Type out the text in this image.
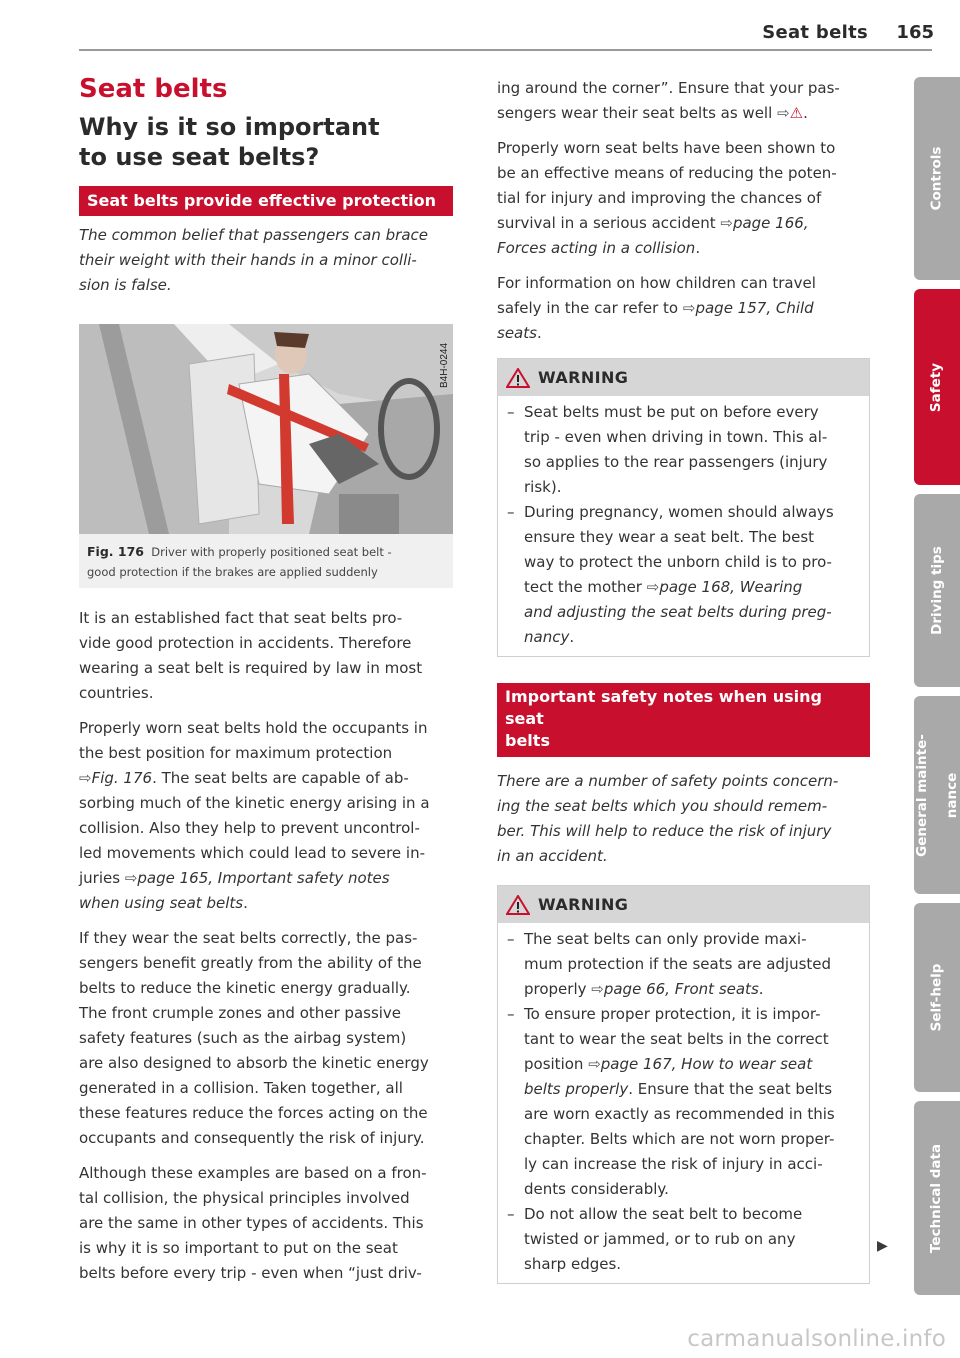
Seat belts 165
Seat belts
Why is it so important
to use seat belts?
Seat belts provide effective protection
The common belief that passengers can brace
their weight with their hands in a minor colli-
sion is false.
B4H-0244
Fig. 176 Driver with properly positioned seat belt -
good protection if the brakes are applied suddenly
It is an established fact that seat belts pro-
vide good protection in accidents. Therefore
wearing a seat belt is required by law in most
countries.
Properly worn seat belts hold the occupants in
the best position for maximum protection
⇨Fig. 176. The seat belts are capable of ab-
sorbing much of the kinetic energy arising in a
collision. Also they help to prevent uncontrol-
led movements which could lead to severe in-
juries ⇨page 165, Important safety notes
when using seat belts.
If they wear the seat belts correctly, the pas-
sengers benefit greatly from the ability of the
belts to reduce the kinetic energy gradually.
The front crumple zones and other passive
safety features (such as the airbag system)
are also designed to absorb the kinetic energy
generated in a collision. Taken together, all
these features reduce the forces acting on the
occupants and consequently the risk of injury.
Although these examples are based on a fron-
tal collision, the physical principles involved
are the same in other types of accidents. This
is why it is so important to put on the seat
belts before every trip - even when “just driv-
ing around the corner”. Ensure that your pas-
sengers wear their seat belts as well ⇨⚠.
Properly worn seat belts have been shown to
be an effective means of reducing the poten-
tial for injury and improving the chances of
survival in a serious accident ⇨page 166,
Forces acting in a collision.
For information on how children can travel
safely in the car refer to ⇨page 157, Child
seats.
WARNING
– Seat belts must be put on before every
trip - even when driving in town. This al-
so applies to the rear passengers (injury
risk).
– During pregnancy, women should always
ensure they wear a seat belt. The best
way to protect the unborn child is to pro-
tect the mother ⇨page 168, Wearing
and adjusting the seat belts during preg-
nancy.
Important safety notes when using seat
belts
There are a number of safety points concern-
ing the seat belts which you should remem-
ber. This will help to reduce the risk of injury
in an accident.
WARNING
– The seat belts can only provide maxi-
mum protection if the seats are adjusted
properly ⇨page 66, Front seats.
– To ensure proper protection, it is impor-
tant to wear the seat belts in the correct
position ⇨page 167, How to wear seat
belts properly. Ensure that the seat belts
are worn exactly as recommended in this
chapter. Belts which are not worn proper-
ly can increase the risk of injury in acci-
dents considerably.
– Do not allow the seat belt to become
twisted or jammed, or to rub on any
sharp edges.
▶
Controls
Safety
Driving tips
General mainte- nance
Self-help
Technical data
carmanualsonline.info
